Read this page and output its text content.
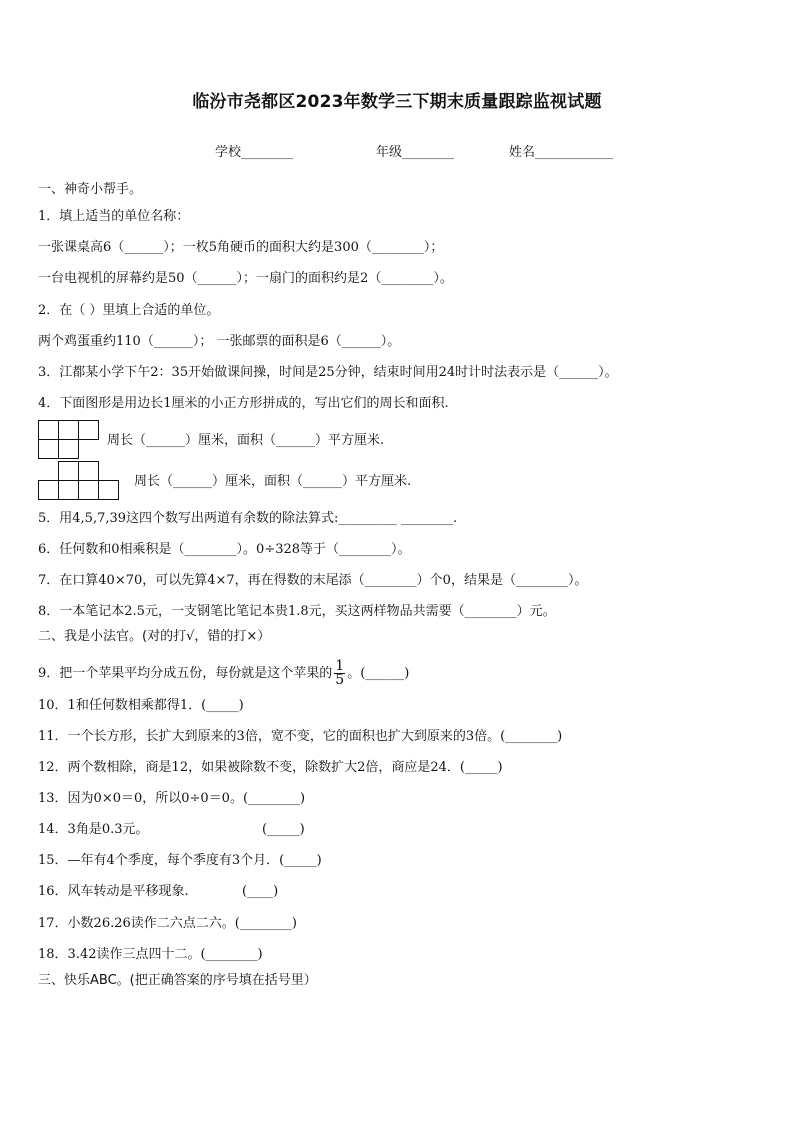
临汾市尧都区2023年数学三下期末质量跟踪监视试题
学校________	年级________	姓名____________
一、神奇小帮手。
1．填上适当的单位名称：
一张课桌高6（______）；一枚5角硬币的面积大约是300（________）；
一台电视机的屏幕约是50（______）；一扇门的面积约是2（________）。
2．在（ ）里填上合适的单位。
两个鸡蛋重约110（______）； 一张邮票的面积是6（______）。
3．江都某小学下午2：35开始做课间操，时间是25分钟，结束时间用24时计时法表示是（______）。
4．下面图形是用边长1厘米的小正方形拼成的，写出它们的周长和面积.
周长（______）厘米，面积（______）平方厘米.
周长（______）厘米，面积（______）平方厘米.
5．用4,5,7,39这四个数写出两道有余数的除法算式:_________ ________.
6．任何数和0相乘积是（________）。0÷328等于（________）。
7．在口算40×70，可以先算4×7，再在得数的末尾添（________）个0，结果是（________）。
8．一本笔记本2.5元，一支钢笔比笔记本贵1.8元，买这两样物品共需要（________）元。
二、我是小法官。(对的打√，错的打×）
9．把一个苹果平均分成五份，每份就是这个苹果的 $\frac{1}{5}$ 。(______)
10．1和任何数相乘都得1．(_____)
11．一个长方形，长扩大到原来的3倍，宽不变，它的面积也扩大到原来的3倍。(________)
12．两个数相除，商是12，如果被除数不变，除数扩大2倍，商应是24．(_____)
13．因为0×0＝0，所以0÷0＝0。(________)
14．3角是0.3元。	(_____)
15．—年有4个季度，每个季度有3个月．(_____)
16．风车转动是平移现象.	(____)
17．小数26.26读作二六点二六。(________)
18．3.42读作三点四十二。(________)
三、快乐ABC。(把正确答案的序号填在括号里）
